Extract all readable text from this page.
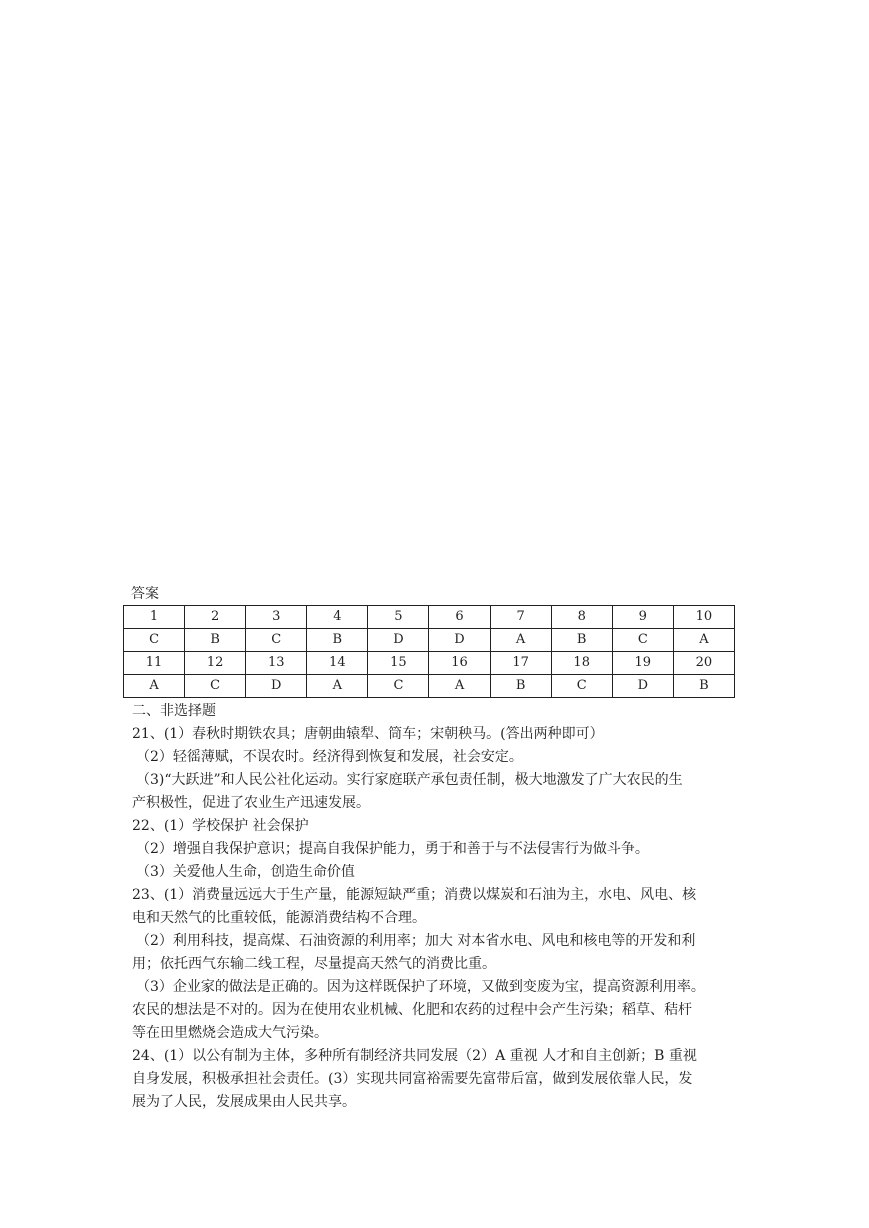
答案
1	2	3	4	5	6	7	8	9	10
C	B	C	B	D	D	A	B	C	A
11	12	13	14	15	16	17	18	19	20
A	C	D	A	C	A	B	C	D	B
二、非选择题
21、(1）春秋时期铁农具；唐朝曲辕犁、筒车；宋朝秧马。(答出两种即可）
（2）轻徭薄赋，不误农时。经济得到恢复和发展，社会安定。
（3)“大跃进”和人民公社化运动。实行家庭联产承包责任制，极大地激发了广大农民的生
产积极性，促进了农业生产迅速发展。
22、(1）学校保护 社会保护
（2）增强自我保护意识；提高自我保护能力，勇于和善于与不法侵害行为做斗争。
（3）关爱他人生命，创造生命价值
23、(1）消费量远远大于生产量，能源短缺严重；消费以煤炭和石油为主，水电、风电、核
电和天然气的比重较低，能源消费结构不合理。
（2）利用科技，提高煤、石油资源的利用率；加大 对本省水电、风电和核电等的开发和利
用；依托西气东输二线工程，尽量提高天然气的消费比重。
（3）企业家的做法是正确的。因为这样既保护了环境，又做到变废为宝，提高资源利用率。
农民的想法是不对的。因为在使用农业机械、化肥和农药的过程中会产生污染；稻草、秸杆
等在田里燃烧会造成大气污染。
24、(1）以公有制为主体，多种所有制经济共同发展（2）A 重视 人才和自主创新；B 重视
自身发展，积极承担社会责任。(3）实现共同富裕需要先富带后富，做到发展依靠人民，发
展为了人民，发展成果由人民共享。
